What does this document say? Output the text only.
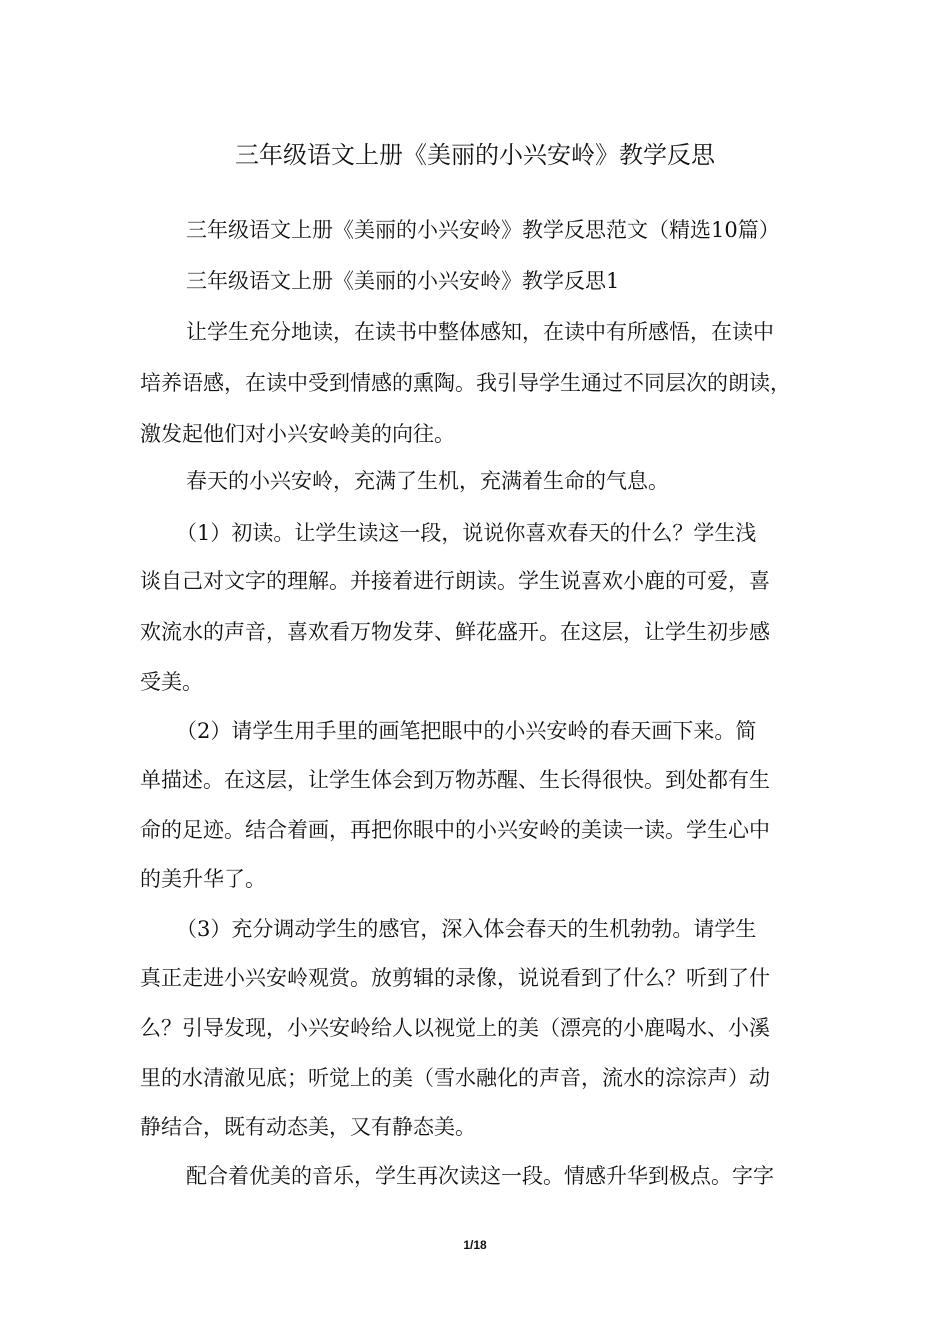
三年级语文上册《美丽的小兴安岭》教学反思

三年级语文上册《美丽的小兴安岭》教学反思范文（精选10篇）

三年级语文上册《美丽的小兴安岭》教学反思1

让学生充分地读，在读书中整体感知，在读中有所感悟，在读中

培养语感，在读中受到情感的熏陶。我引导学生通过不同层次的朗读，

激发起他们对小兴安岭美的向往。

春天的小兴安岭，充满了生机，充满着生命的气息。

（1）初读。让学生读这一段，说说你喜欢春天的什么？学生浅

谈自己对文字的理解。并接着进行朗读。学生说喜欢小鹿的可爱，喜

欢流水的声音，喜欢看万物发芽、鲜花盛开。在这层，让学生初步感

受美。

（2）请学生用手里的画笔把眼中的小兴安岭的春天画下来。简

单描述。在这层，让学生体会到万物苏醒、生长得很快。到处都有生

命的足迹。结合着画，再把你眼中的小兴安岭的美读一读。学生心中

的美升华了。

（3）充分调动学生的感官，深入体会春天的生机勃勃。请学生

真正走进小兴安岭观赏。放剪辑的录像，说说看到了什么？听到了什

么？引导发现，小兴安岭给人以视觉上的美（漂亮的小鹿喝水、小溪

里的水清澈见底；听觉上的美（雪水融化的声音，流水的淙淙声）动

静结合，既有动态美，又有静态美。

配合着优美的音乐，学生再次读这一段。情感升华到极点。字字

1/18
